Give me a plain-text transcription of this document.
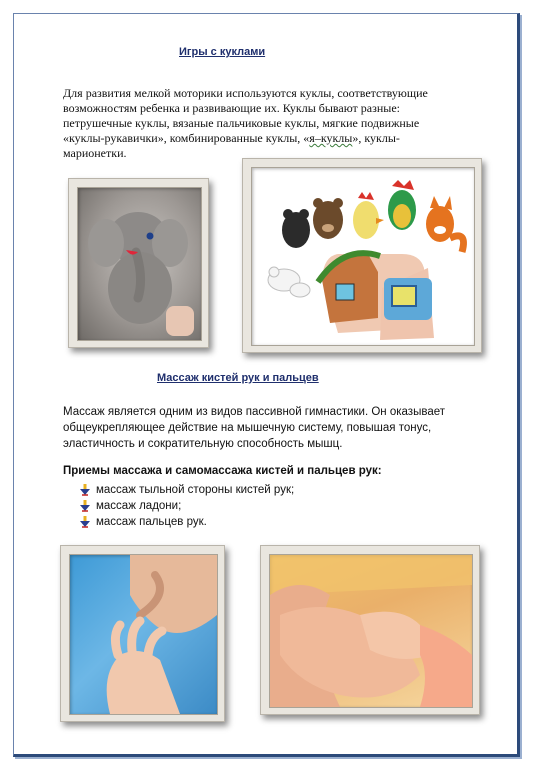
Игры с куклами
Для развития мелкой моторики используются куклы, соответствующие
возможностям ребенка и развивающие их. Куклы бывают разные:
петрушечные куклы, вязаные пальчиковые куклы, мягкие подвижные
«куклы-рукавички», комбинированные куклы, «я–куклы», куклы-
марионетки.
Массаж кистей рук и пальцев
Массаж является одним из видов пассивной гимнастики. Он оказывает
общеукрепляющее действие на мышечную систему, повышая тонус,
эластичность и сократительную способность мышц.
Приемы массажа и самомассажа кистей и пальцев рук:
массаж тыльной стороны кистей рук;
массаж ладони;
массаж пальцев рук.
